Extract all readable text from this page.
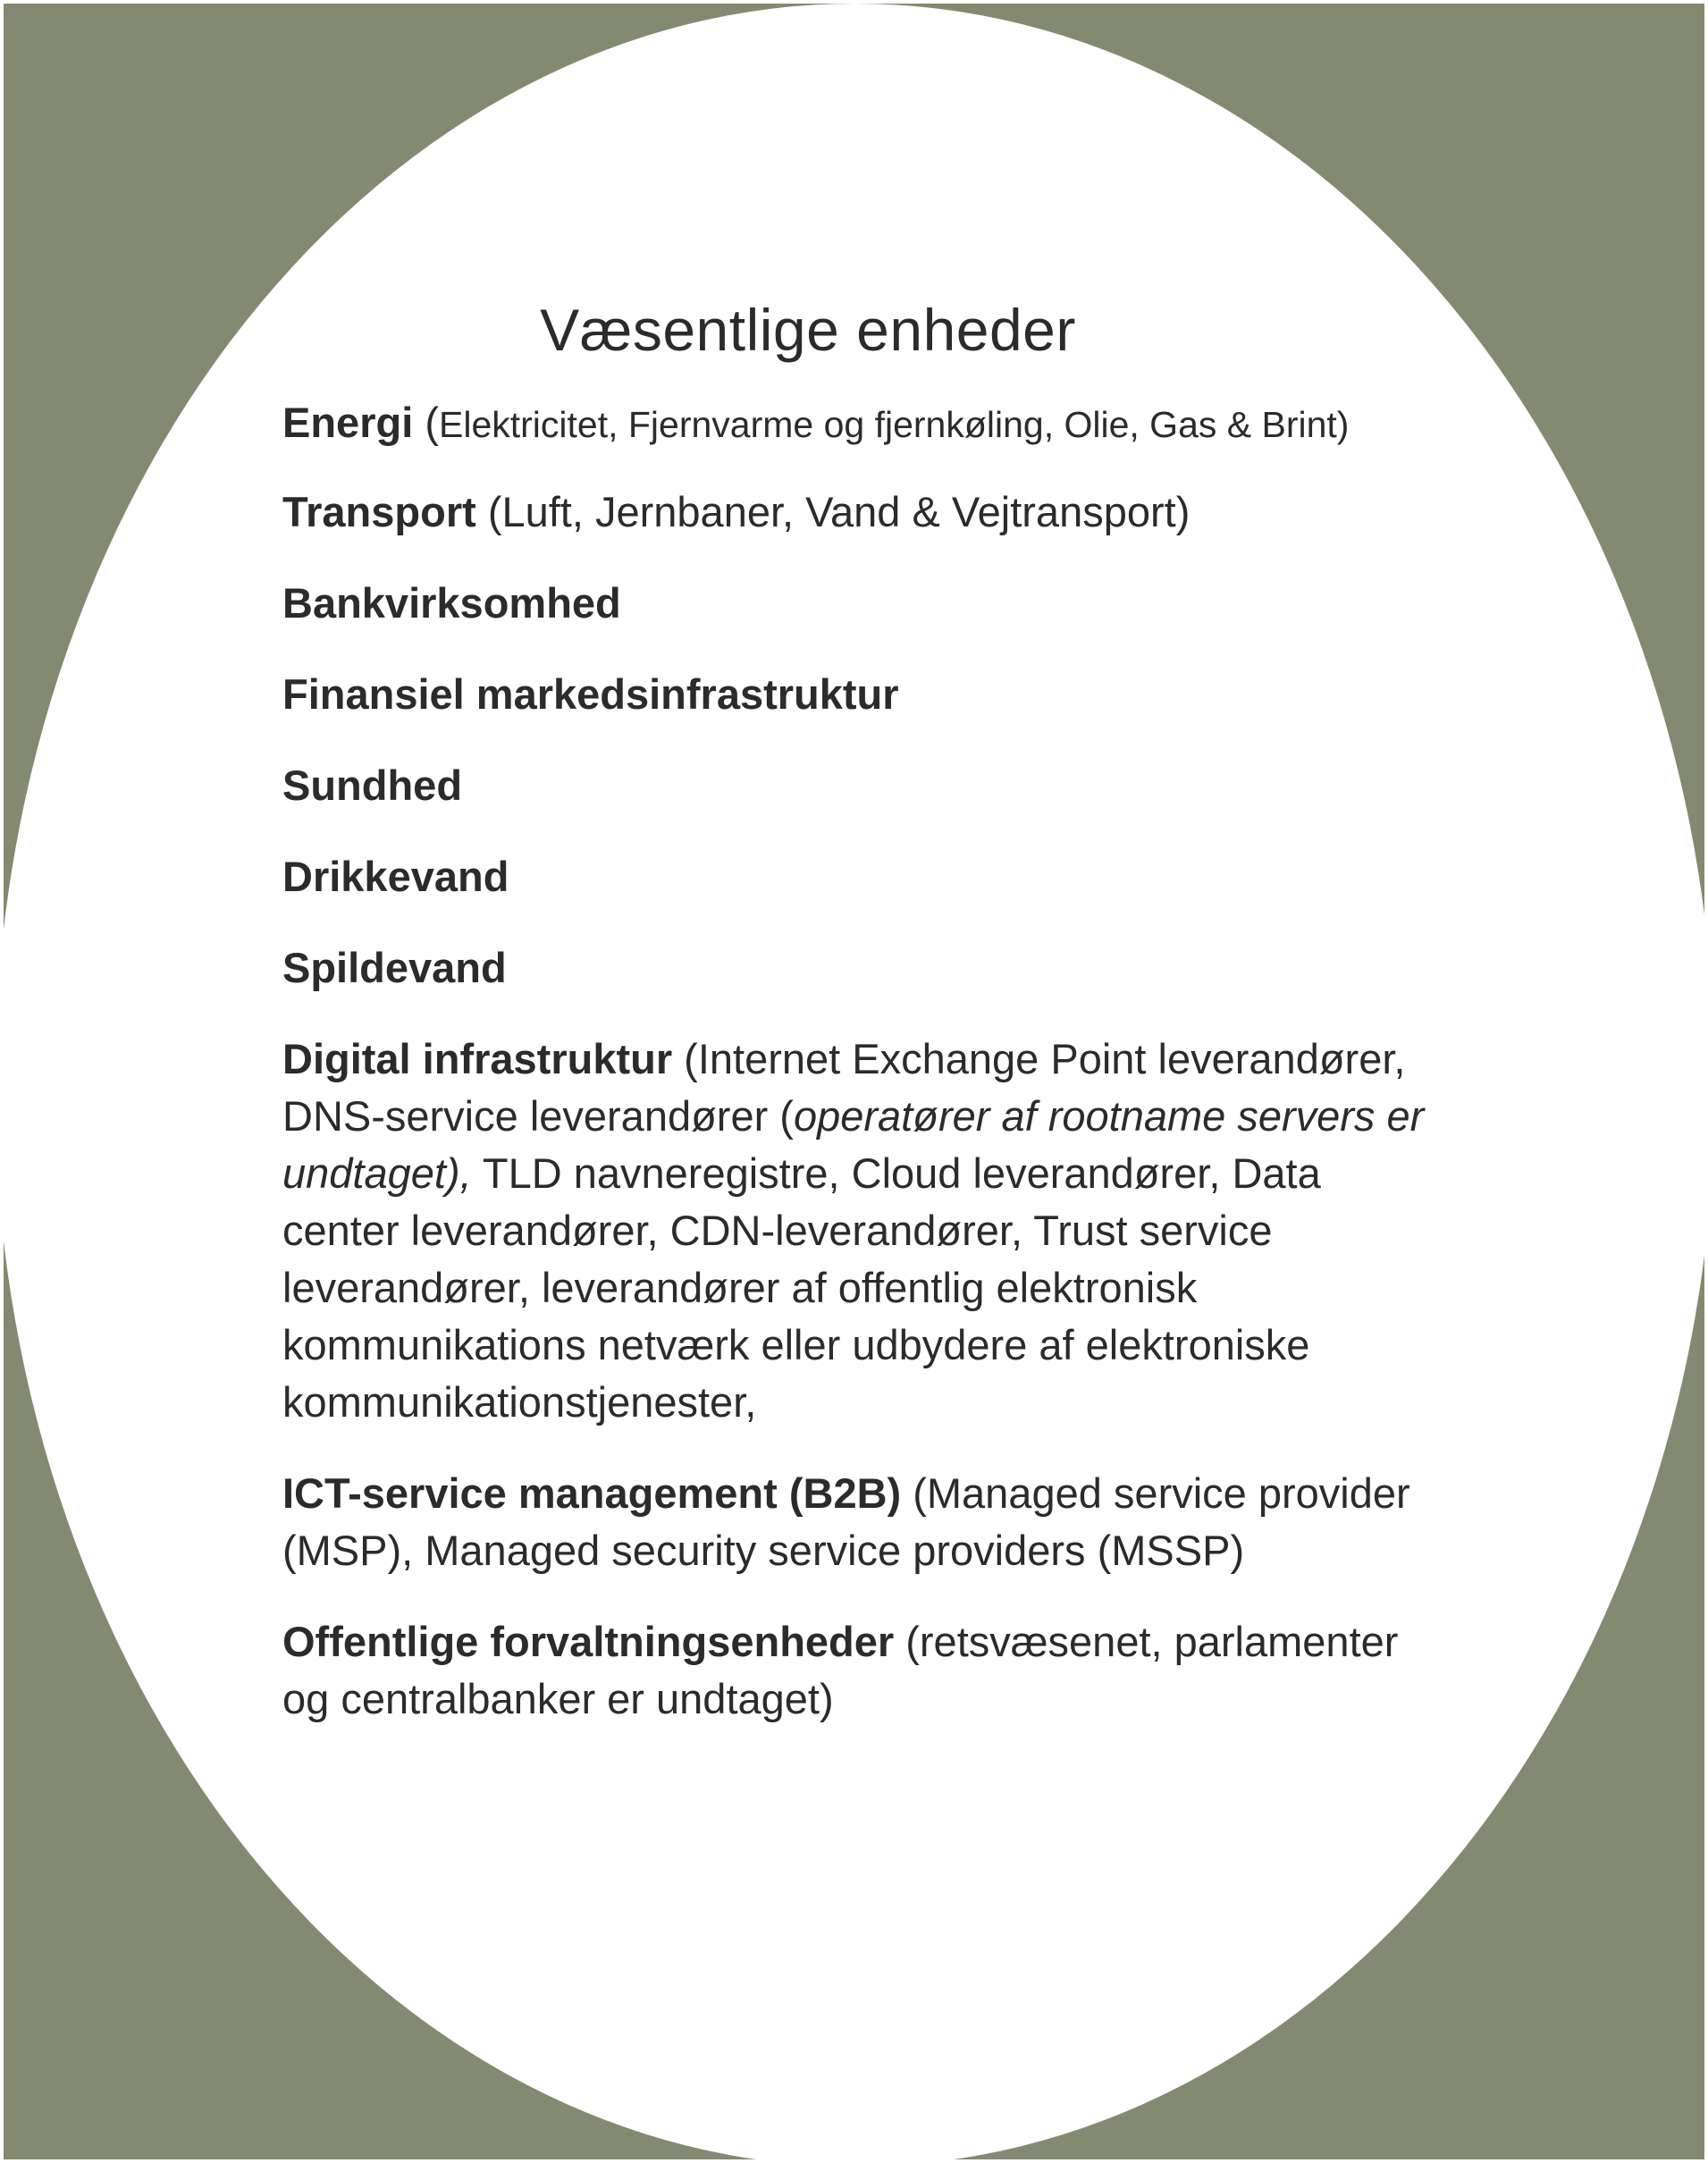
Væsentlige enheder
Energi (Elektricitet, Fjernvarme og fjernkøling, Olie, Gas & Brint)
Transport (Luft, Jernbaner, Vand & Vejtransport)
Bankvirksomhed
Finansiel markedsinfrastruktur
Sundhed
Drikkevand
Spildevand
Digital infrastruktur (Internet Exchange Point leverandører, DNS-service leverandører (operatører af rootname servers er undtaget), TLD navneregistre, Cloud leverandører, Data center leverandører, CDN-leverandører, Trust service leverandører, leverandører af offentlig elektronisk kommunikations netværk eller udbydere af elektroniske kommunikationstjenester,
ICT-service management (B2B) (Managed service provider (MSP), Managed security service providers (MSSP)
Offentlige forvaltningsenheder (retsvæsenet, parlamenter og centralbanker er undtaget)
